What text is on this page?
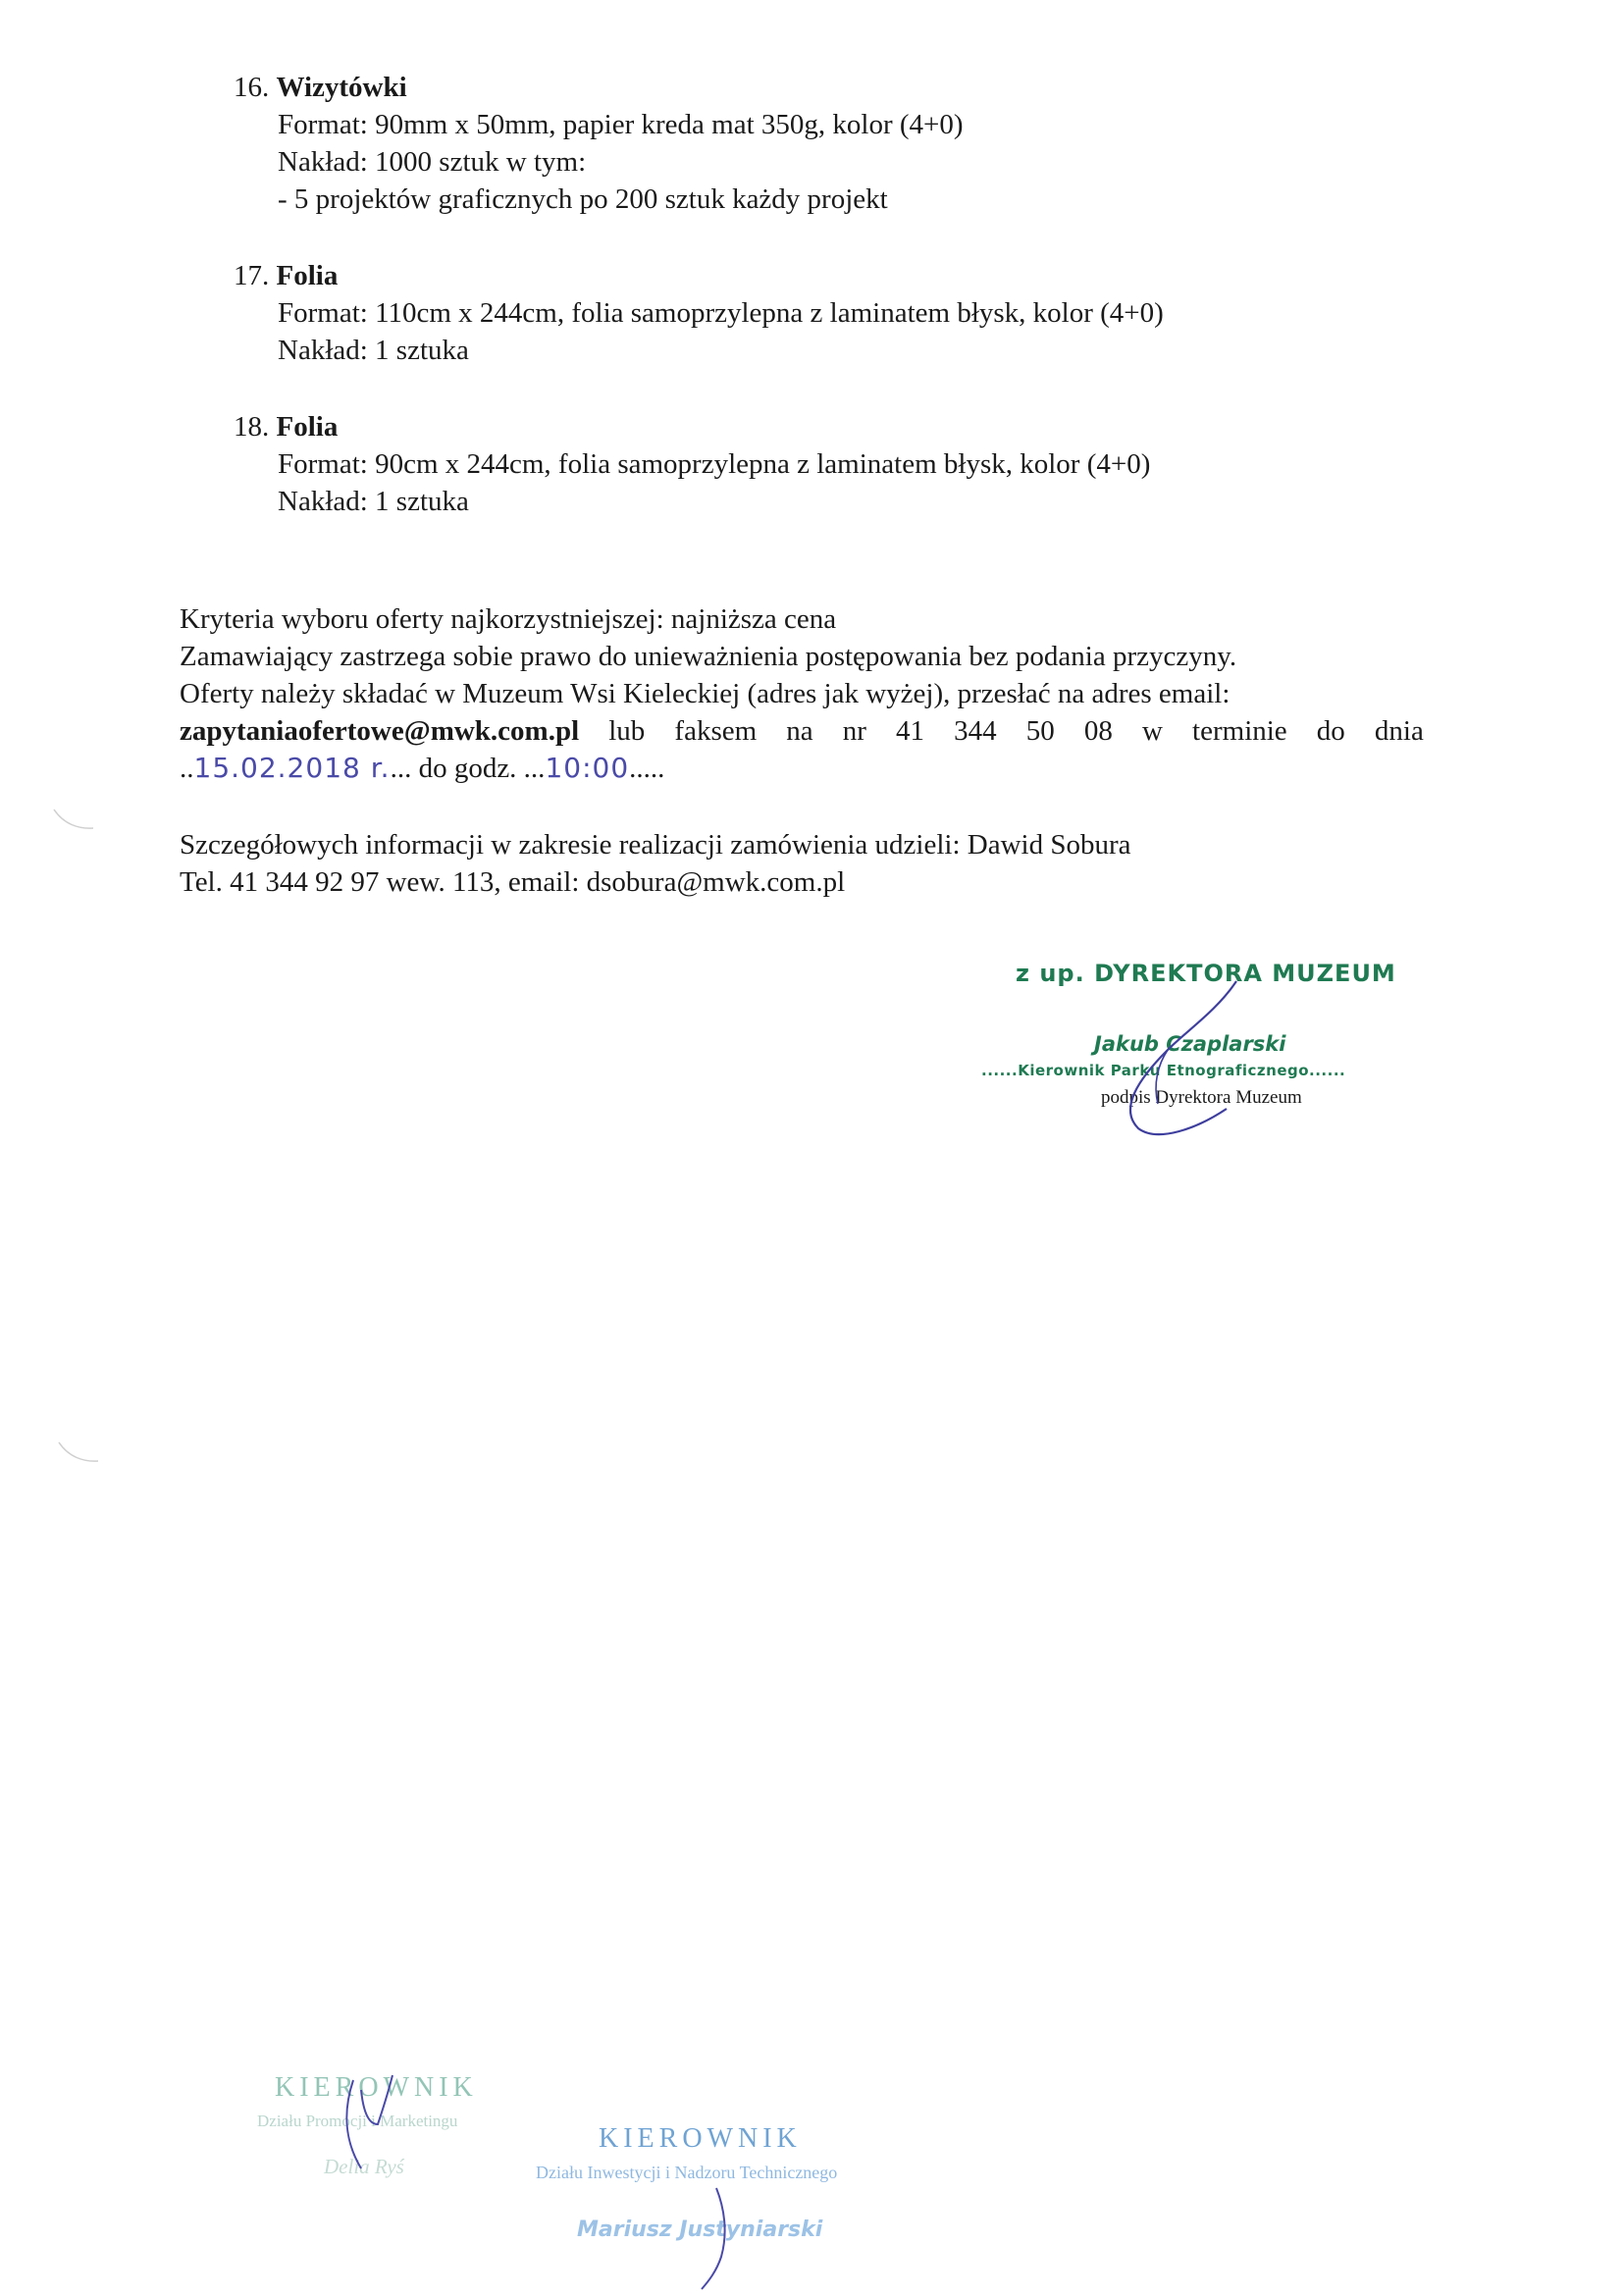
16. Wizytówki
Format: 90mm x 50mm, papier kreda mat 350g, kolor (4+0)
Nakład: 1000 sztuk w tym:
- 5 projektów graficznych po 200 sztuk każdy projekt
17. Folia
Format: 110cm x 244cm, folia samoprzylepna z laminatem błysk, kolor (4+0)
Nakład: 1 sztuka
18. Folia
Format: 90cm x 244cm, folia samoprzylepna z laminatem błysk, kolor (4+0)
Nakład: 1 sztuka
Kryteria wyboru oferty najkorzystniejszej: najniższa cena
Zamawiający zastrzega sobie prawo do unieważnienia postępowania bez podania przyczyny.
Oferty należy składać w Muzeum Wsi Kieleckiej (adres jak wyżej), przesłać na adres email:
zapytaniaofertowe@mwk.com.pl lub faksem na nr 41 344 50 08 w terminie do dnia
..15.02.2018 r.... do godz. ...10:00.....
Szczegółowych informacji w zakresie realizacji zamówienia udzieli: Dawid Sobura
Tel. 41 344 92 97 wew. 113, email: dsobura@mwk.com.pl
z up. DYREKTORA MUZEUM
Jakub Czaplarski
......Kierownik Parku Etnograficznego......
podpis Dyrektora Muzeum
KIEROWNIK
Działu Promocji i Marketingu
Delia Ryś
KIEROWNIK
Działu Inwestycji i Nadzoru Technicznego
Mariusz Justyniarski
